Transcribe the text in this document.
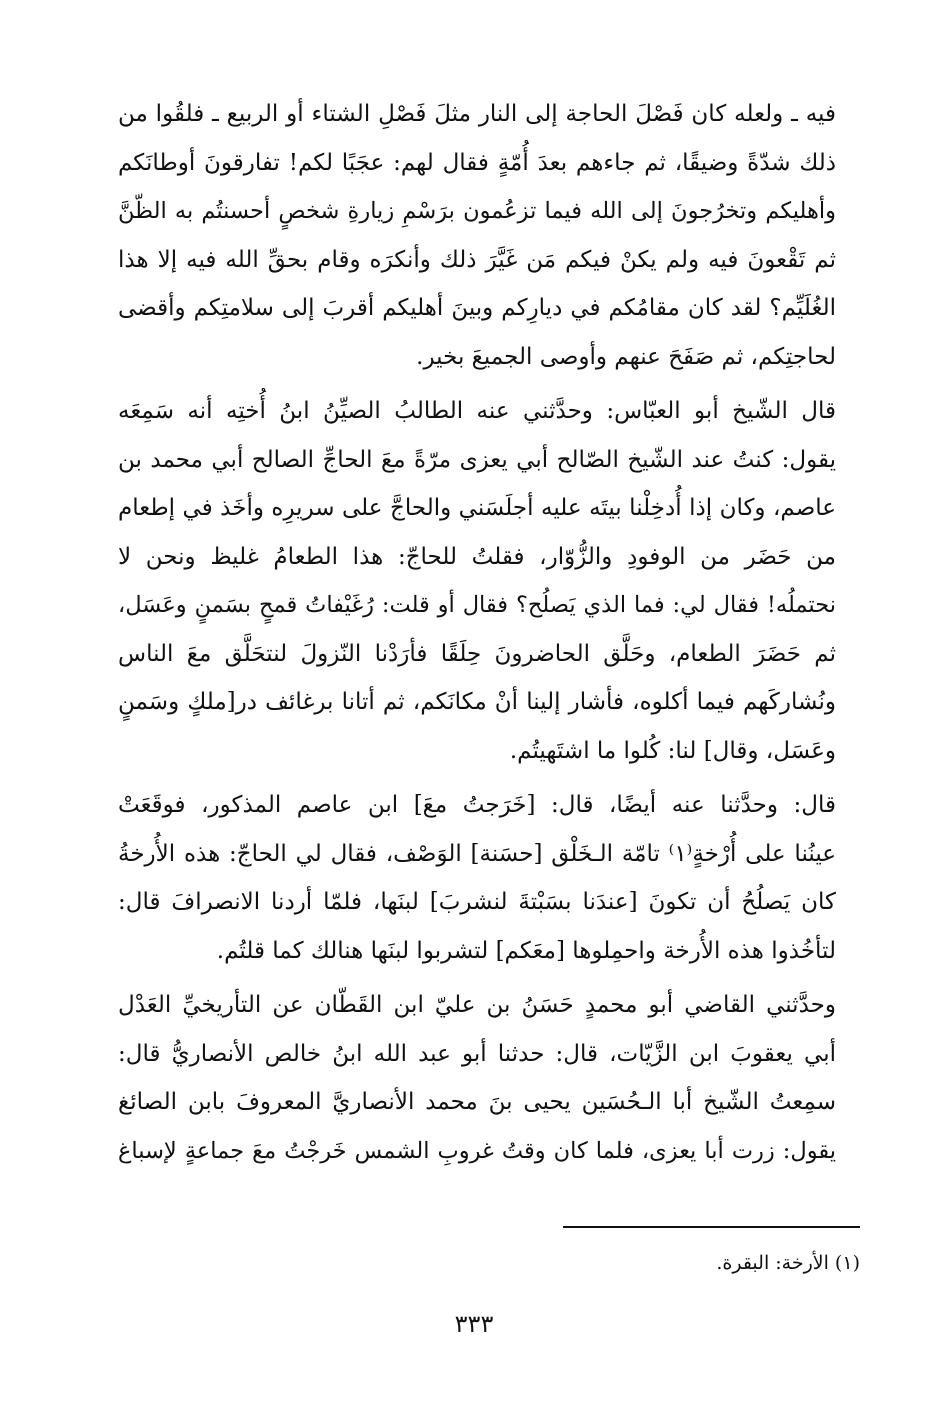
فيه ـ ولعله كان فَصْلَ الحاجة إلى النار مثلَ فَصْلِ الشتاء أو الربيع ـ فلقُوا من
ذلك شدّةً وضيقًا، ثم جاءهم بعدَ أُمّةٍ فقال لهم: عجَبًا لكم! تفارقونَ أوطانَكم
وأهليكم وتخرُجونَ إلى الله فيما تزعُمون برَسْمِ زيارةِ شخصٍ أحسنتُم به الظّنَّ
ثم تَقْعونَ فيه ولم يكنْ فيكم مَن غَيَّرَ ذلك وأنكرَه وقام بحقِّ الله فيه إلا هذا
الغُلَيِّم؟ لقد كان مقامُكم في ديارِكم وبينَ أهليكم أقربَ إلى سلامتِكم وأقضى
لحاجتِكم، ثم صَفَحَ عنهم وأوصى الجميعَ بخير.
قال الشّيخ أبو العبّاس: وحدَّثني عنه الطالبُ الصيِّنُ ابنُ أُختِه أنه سَمِعَه
يقول: كنتُ عند الشّيخ الصّالح أبي يعزى مرّةً معَ الحاجِّ الصالح أبي محمد بن
عاصم، وكان إذا أُدخِلْنا بيتَه عليه أجلَسَني والحاجَّ على سريرِه وأخَذ في إطعام
من حَضَر من الوفودِ والزُّوّار، فقلتُ للحاجّ: هذا الطعامُ غليظ ونحن لا
نحتملُه! فقال لي: فما الذي يَصلُح؟ فقال أو قلت: رُغَيْفاتُ قمحٍ بسَمنٍ وعَسَل،
ثم حَضَرَ الطعام، وحَلَّق الحاضرونَ حِلَقًا فأرَدْنا النّزولَ لنتحَلَّق معَ الناس
ونُشاركَهم فيما أكلوه، فأشار إلينا أنْ مكانَكم، ثم أتانا برغائف در[ملكٍ وسَمنٍ
وعَسَل، وقال] لنا: كُلوا ما اشتَهيتُم.
قال: وحدَّثنا عنه أيضًا، قال: [خَرَجتُ معَ] ابن عاصم المذكور، فوقَعَتْ
عينُنا على أُرْخةٍ⁽١⁾ تامّة الـخَلْق [حسَنة] الوَصْف، فقال لي الحاجّ: هذه الأُرخةُ
كان يَصلُحُ أن تكونَ [عندَنا بسَبْتةَ لنشربَ] لبنَها، فلمّا أردنا الانصرافَ قال:
لتأخُذوا هذه الأُرخة واحمِلوها [معَكم] لتشربوا لبنَها هنالك كما قلتُم.
وحدَّثني القاضي أبو محمدٍ حَسَنُ بن عليّ ابن القَطّان عن التأريخيِّ العَدْل
أبي يعقوبَ ابن الزَّيّات، قال: حدثنا أبو عبد الله ابنُ خالص الأنصاريُّ قال:
سمِعتُ الشّيخ أبا الـحُسَين يحيى بنَ محمد الأنصاريَّ المعروفَ بابن الصائغ
يقول: زرت أبا يعزى، فلما كان وقتُ غروبِ الشمس خَرجْتُ معَ جماعةٍ لإسباغ
(١) الأرخة: البقرة.
٣٣٣
